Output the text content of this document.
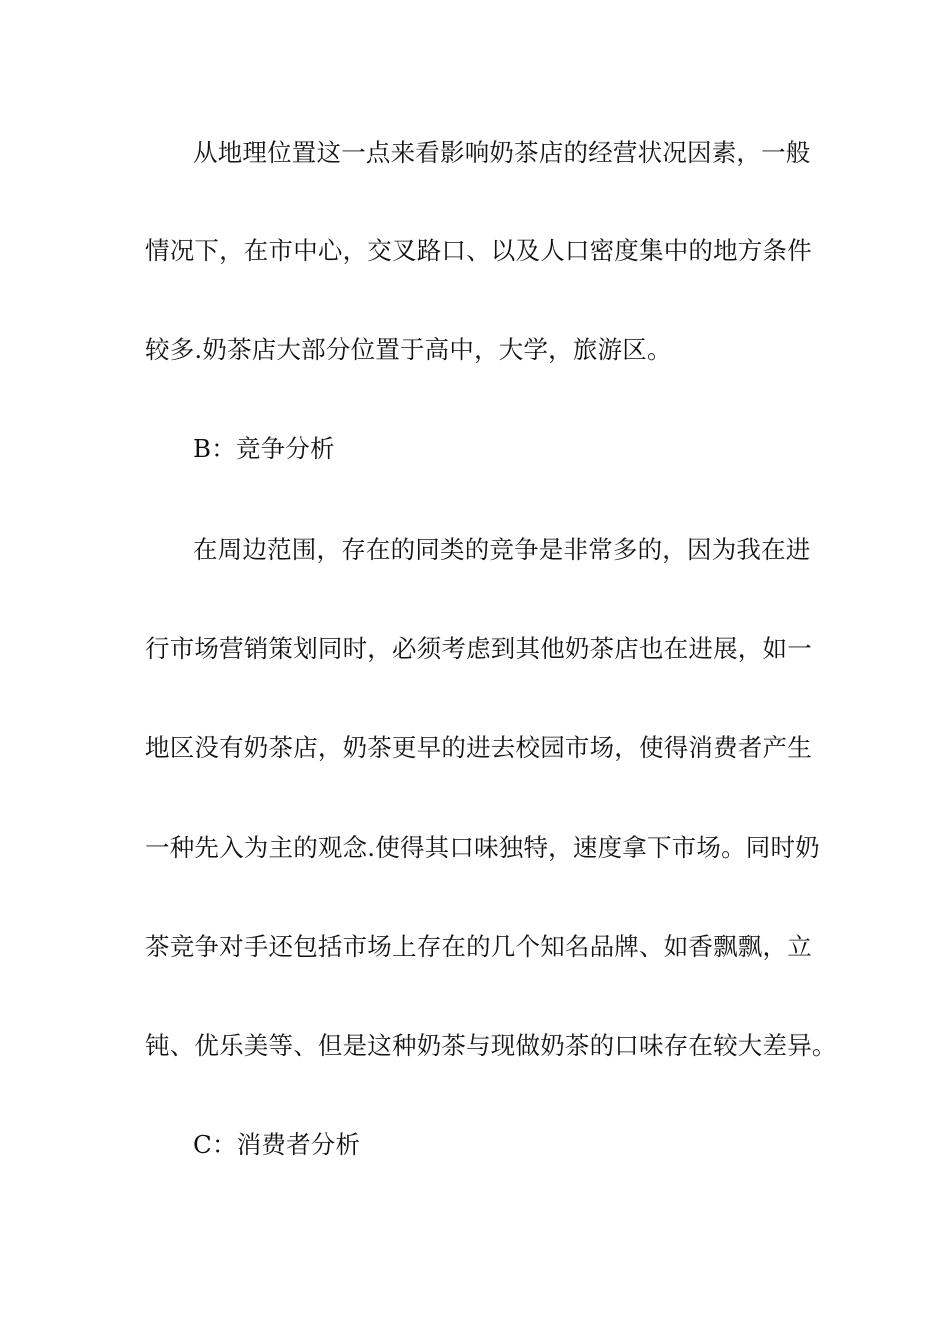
从地理位置这一点来看影响奶茶店的经营状况因素，一般
情况下，在市中心，交叉路口、以及人口密度集中的地方条件
较多.奶茶店大部分位置于高中，大学，旅游区。
B：竞争分析
在周边范围，存在的同类的竞争是非常多的，因为我在进
行市场营销策划同时，必须考虑到其他奶茶店也在进展，如一
地区没有奶茶店，奶茶更早的进去校园市场，使得消费者产生
一种先入为主的观念.使得其口味独特，速度拿下市场。同时奶
茶竞争对手还包括市场上存在的几个知名品牌、如香飘飘，立
钝、优乐美等、但是这种奶茶与现做奶茶的口味存在较大差异。
C：消费者分析
